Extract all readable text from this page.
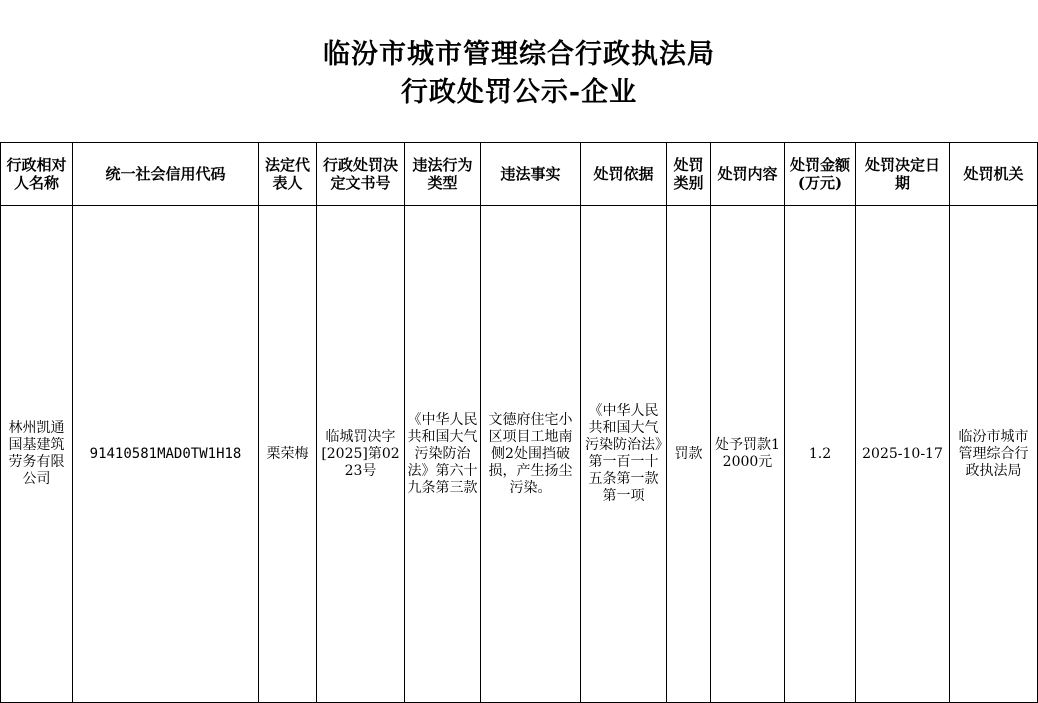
临汾市城市管理综合行政执法局
行政处罚公示-企业
行政相对人名称	统一社会信用代码	法定代表人	行政处罚决定文书号	违法行为类型	违法事实	处罚依据	处罚类别	处罚内容	处罚金额(万元)	处罚决定日期	处罚机关
林州凯通国基建筑劳务有限公司	91410581MAD0TW1H18	栗荣梅	临城罚决字[2025]第0223号	《中华人民共和国大气污染防治法》第六十九条第三款	文德府住宅小区项目工地南侧2处围挡破损，产生扬尘污染。	《中华人民共和国大气污染防治法》第一百一十五条第一款第一项	罚款	处予罚款12000元	1.2	2025-10-17	临汾市城市管理综合行政执法局
